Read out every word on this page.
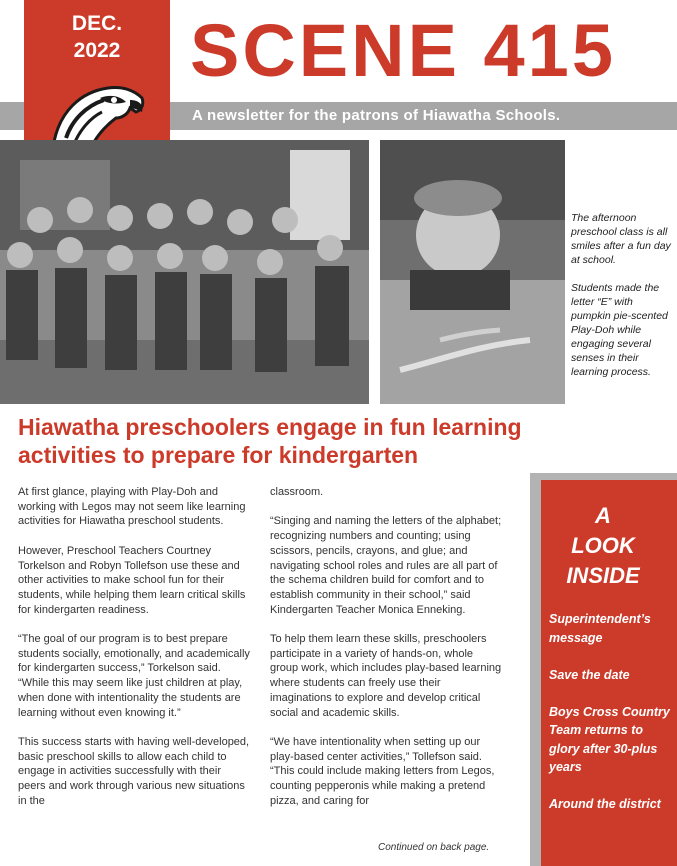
A newsletter for the patrons of Hiawatha Schools.
SCENE 415
DEC.
2022

The afternoon preschool class is all smiles after a fun day at school.

Students made the letter “E” with pumpkin pie-scented Play-Doh while engaging several senses in their learning process.

Hiawatha preschoolers engage in fun learning activities to prepare for kindergarten

At first glance, playing with Play-Doh and working with Legos may not seem like learning activities for Hiawatha preschool students.

However, Preschool Teachers Courtney Torkelson and Robyn Tollefson use these and other activities to make school fun for their students, while helping them learn critical skills for kindergarten readiness.

“The goal of our program is to best prepare students socially, emotionally, and academically for kindergarten success,” Torkelson said. “While this may seem like just children at play, when done with intentionality the students are learning without even knowing it.”

This success starts with having well-developed, basic preschool skills to allow each child to engage in activities successfully with their peers and work through various new situations in the

classroom.

“Singing and naming the letters of the alphabet; recognizing numbers and counting; using scissors, pencils, crayons, and glue; and navigating school roles and rules are all part of the schema children build for comfort and to establish community in their school,” said Kindergarten Teacher Monica Enneking.

To help them learn these skills, preschoolers participate in a variety of hands-on, whole group work, which includes play-based learning where students can freely use their imaginations to explore and develop critical social and academic skills.

“We have intentionality when setting up our play-based center activities,” Tollefson said. “This could include making letters from Legos, counting pepperonis while making a pretend pizza, and caring for

Continued on back page.
A
LOOK
INSIDE
Superintendent’s message
Save the date
Boys Cross Country Team returns to glory after 30-plus years
Around the district
